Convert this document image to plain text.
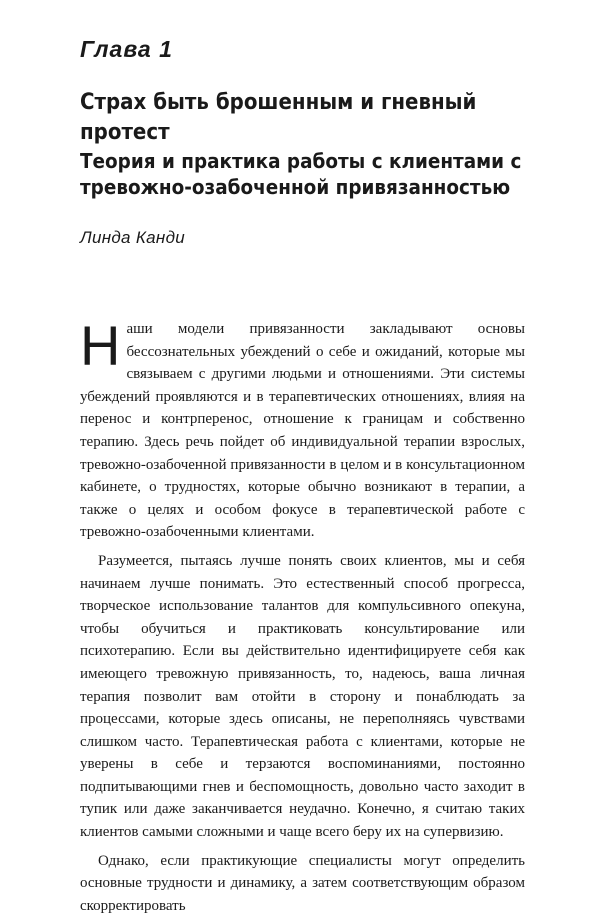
Глава 1
Страх быть брошенным и гневный протест
Теория и практика работы с клиентами с тревожно-озабоченной привязанностью

Линда Канди

Наши модели привязанности закладывают основы бессознательных убеждений о себе и ожиданий, которые мы связываем с другими людьми и отношениями. Эти системы убеждений проявляются и в терапевтических отношениях, влияя на перенос и контрперенос, отношение к границам и собственно терапию. Здесь речь пойдет об индивидуальной терапии взрослых, тревожно-озабоченной привязанности в целом и в консультационном кабинете, о трудностях, которые обычно возникают в терапии, а также о целях и особом фокусе в терапевтической работе с тревожно-озабоченными клиентами.

Разумеется, пытаясь лучше понять своих клиентов, мы и себя начинаем лучше понимать. Это естественный способ прогресса, творческое использование талантов для компульсивного опекуна, чтобы обучиться и практиковать консультирование или психотерапию. Если вы действительно идентифицируете себя как имеющего тревожную привязанность, то, надеюсь, ваша личная терапия позволит вам отойти в сторону и понаблюдать за процессами, которые здесь описаны, не переполняясь чувствами слишком часто. Терапевтическая работа с клиентами, которые не уверены в себе и терзаются воспоминаниями, постоянно подпитывающими гнев и беспомощность, довольно часто заходит в тупик или даже заканчивается неудачно. Конечно, я считаю таких клиентов самыми сложными и чаще всего беру их на супервизию.

Однако, если практикующие специалисты могут определить основные трудности и динамику, а затем соответствующим образом скорректировать
